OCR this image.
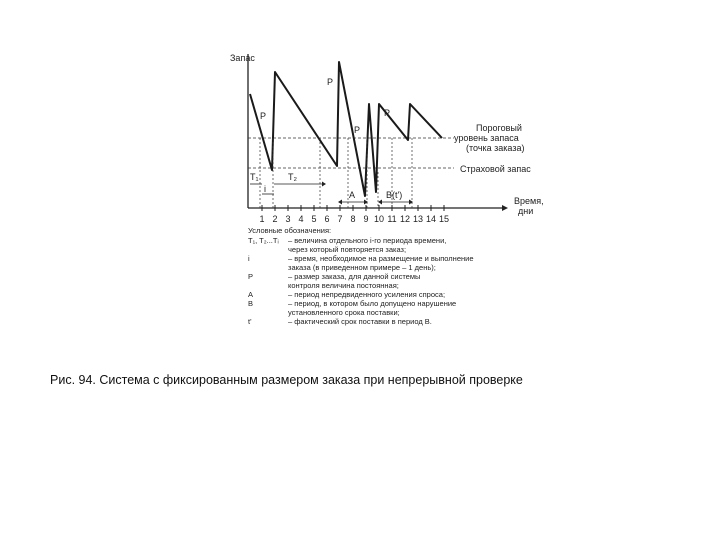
Запас
P
P
P
P
T₁	T₂
i
A	B(t')
Пороговый
уровень запаса
(точка заказа)
Страховой запас
Время,
дни
1 2 3 4 5 6 7 8 9 10 11 12 13 14 15
Условные обозначения:
T₁, T₂...Tᵢ	– величина отдельного i-го периода времени,
через который повторяется заказ;
i	– время, необходимое на размещение и выполнение
заказа (в приведенном примере – 1 день);
P	– размер заказа, для данной системы
контроля величина постоянная;
A	– период непредвиденного усиления спроса;
B	– период, в котором было допущено нарушение
установленного срока поставки;
t'	– фактический срок поставки в период B.
Рис. 94. Система с фиксированным размером заказа при непрерывной проверке
